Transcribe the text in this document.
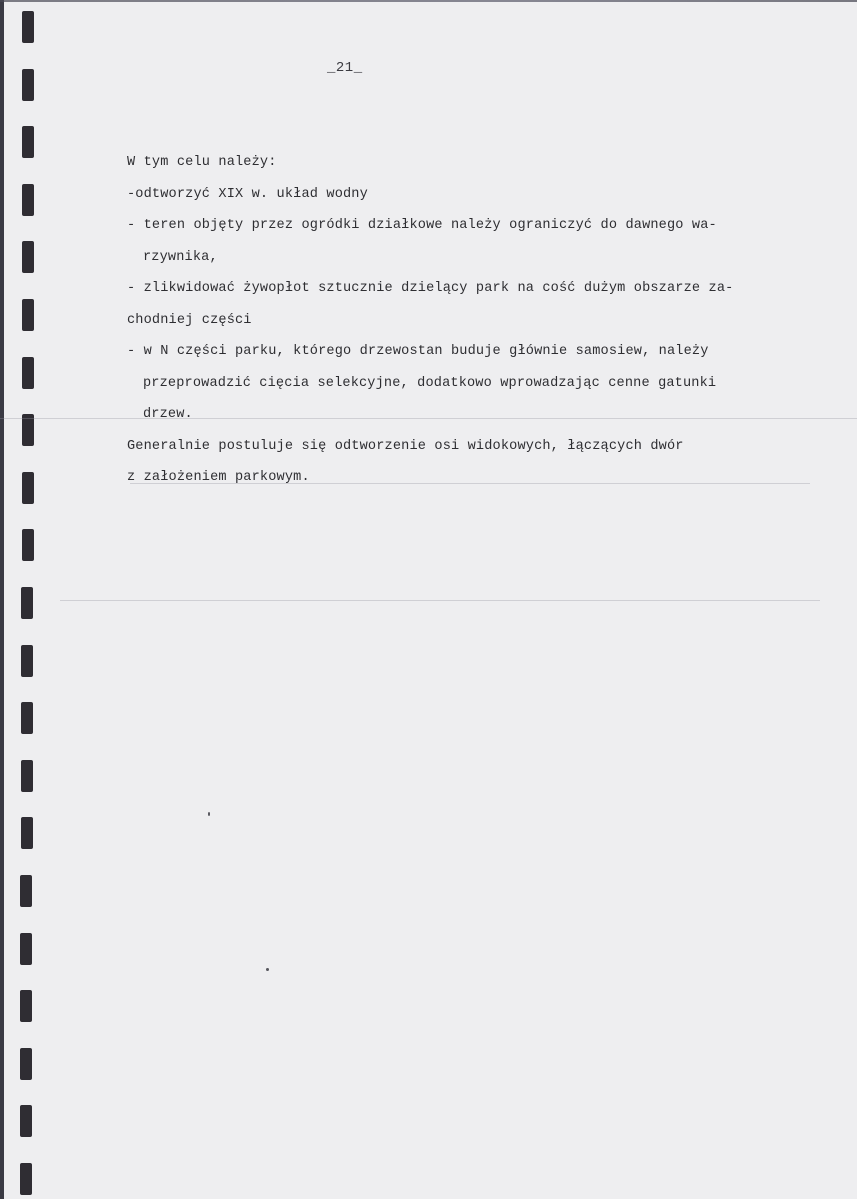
_21_
W tym celu należy:
-odtworzyć XIX w. układ wodny
- teren objęty przez ogródki działkowe należy ograniczyć do dawnego wa-
rzywnika,
- zlikwidować żywopłot sztucznie dzielący park na cość dużym obszarze za-
chodniej części
- w N części parku, którego drzewostan buduje głównie samosiew, należy
przeprowadzić cięcia selekcyjne, dodatkowo wprowadzając cenne gatunki
drzew.
Generalnie postuluje się odtworzenie osi widokowych, łączących dwór
z założeniem parkowym.
